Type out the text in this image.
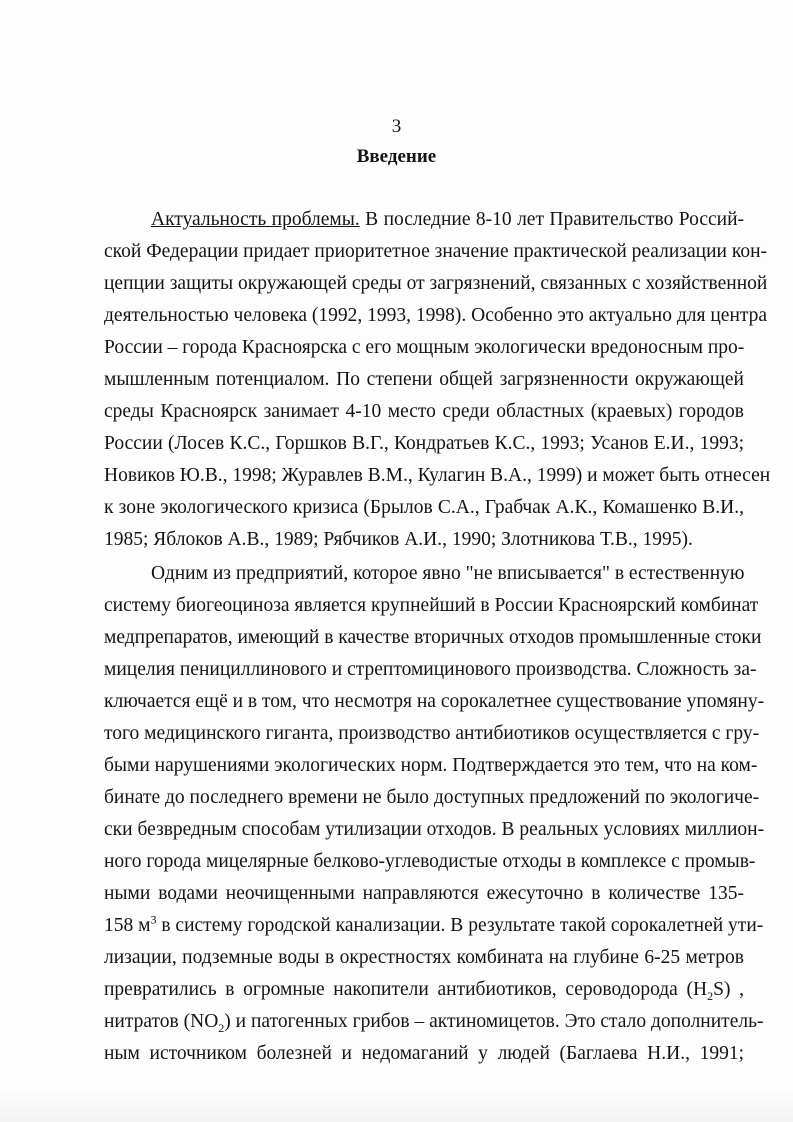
3
Введение
Актуальность проблемы. В последние 8-10 лет Правительство Россий-
ской Федерации придает приоритетное значение практической реализации кон-
цепции защиты окружающей среды от загрязнений, связанных с хозяйственной
деятельностью человека (1992, 1993, 1998). Особенно это актуально для центра
России – города Красноярска с его мощным экологически вредоносным про-
мышленным потенциалом. По степени общей загрязненности окружающей
среды Красноярск занимает 4-10 место среди областных (краевых) городов
России (Лосев К.С., Горшков В.Г., Кондратьев К.С., 1993; Усанов Е.И., 1993;
Новиков Ю.В., 1998; Журавлев В.М., Кулагин В.А., 1999) и может быть отнесен
к зоне экологического кризиса (Брылов С.А., Грабчак А.К., Комашенко В.И.,
1985; Яблоков А.В., 1989; Рябчиков А.И., 1990; Злотникова Т.В., 1995).
Одним из предприятий, которое явно "не вписывается" в естественную
систему биогеоциноза является крупнейший в России Красноярский комбинат
медпрепаратов, имеющий в качестве вторичных отходов промышленные стоки
мицелия пенициллинового и стрептомицинового производства. Сложность за-
ключается ещё и в том, что несмотря на сорокалетнее существование упомяну-
того медицинского гиганта, производство антибиотиков осуществляется с гру-
быми нарушениями экологических норм. Подтверждается это тем, что на ком-
бинате до последнего времени не было доступных предложений по экологиче-
ски безвредным способам утилизации отходов. В реальных условиях миллион-
ного города мицелярные белково-углеводистые отходы в комплексе с промыв-
ными водами неочищенными направляются ежесуточно в количестве 135-
158 $м^3$ в систему городской канализации. В результате такой сорокалетней ути-
лизации, подземные воды в окрестностях комбината на глубине 6-25 метров
превратились в огромные накопители антибиотиков, сероводорода $(H_2S)$ ,
нитратов $(NO_2)$ и патогенных грибов – актиномицетов. Это стало дополнитель-
ным источником болезней и недомаганий у людей (Баглаева Н.И., 1991;
